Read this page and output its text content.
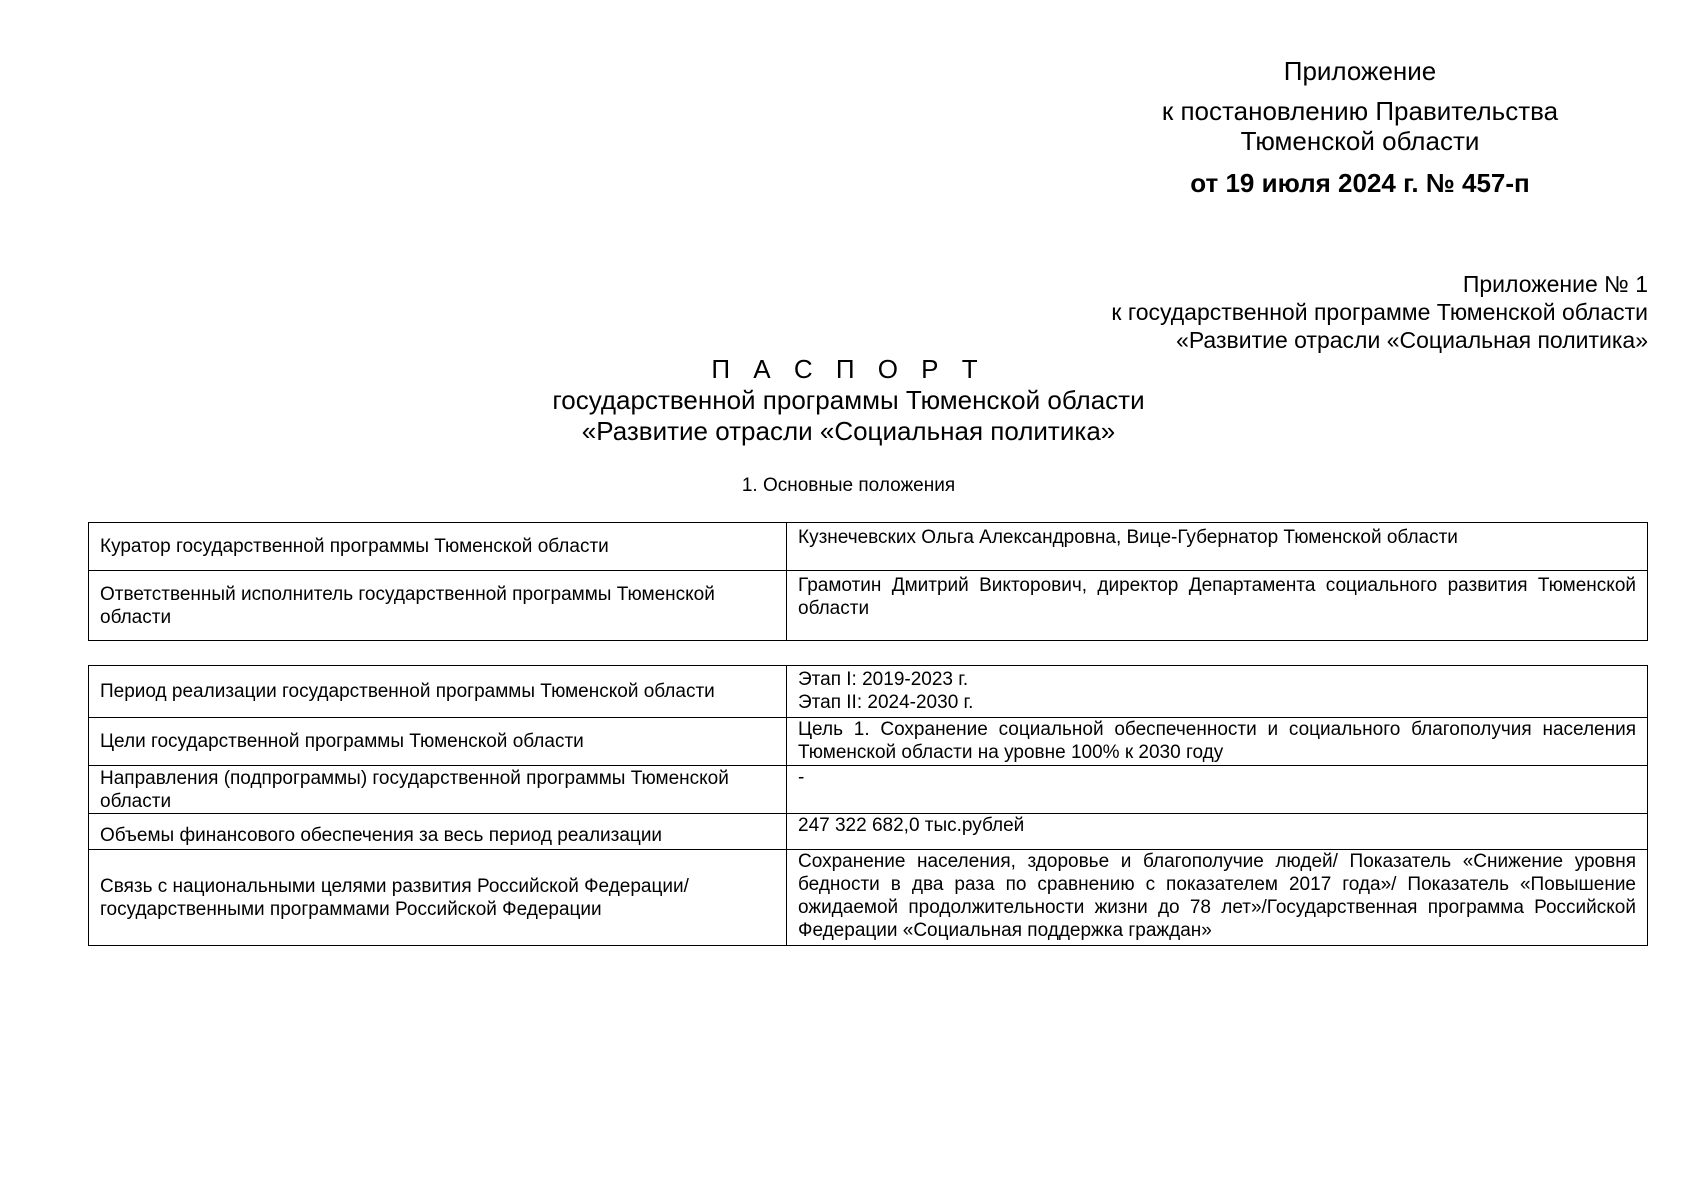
Приложение
к постановлению Правительства
Тюменской области
от 19 июля 2024 г. № 457-п
Приложение № 1
к государственной программе Тюменской области
«Развитие отрасли «Социальная политика»
П А С П О Р Т
государственной программы Тюменской области
«Развитие отрасли «Социальная политика»
1. Основные положения
Куратор государственной программы Тюменской области	Кузнечевских Ольга Александровна, Вице-Губернатор Тюменской области
Ответственный исполнитель государственной программы Тюменской области	Грамотин Дмитрий Викторович, директор Департамента социального развития Тюменской области
Период реализации государственной программы Тюменской области	Этап I: 2019-2023 г.
Этап II: 2024-2030 г.

Цели государственной программы Тюменской области	Цель 1. Сохранение социальной обеспеченности и социального благополучия населения Тюменской области на уровне 100% к 2030 году
Направления (подпрограммы) государственной программы Тюменской области	-
Объемы финансового обеспечения за весь период реализации	247 322 682,0 тыс.рублей

Связь с национальными целями развития Российской Федерации/
государственными программами Российской Федерации	Сохранение населения, здоровье и благополучие людей/ Показатель «Снижение уровня бедности в два раза по сравнению с показателем 2017 года»/ Показатель «Повышение ожидаемой продолжительности жизни до 78 лет»/Государственная программа Российской Федерации «Социальная поддержка граждан»
